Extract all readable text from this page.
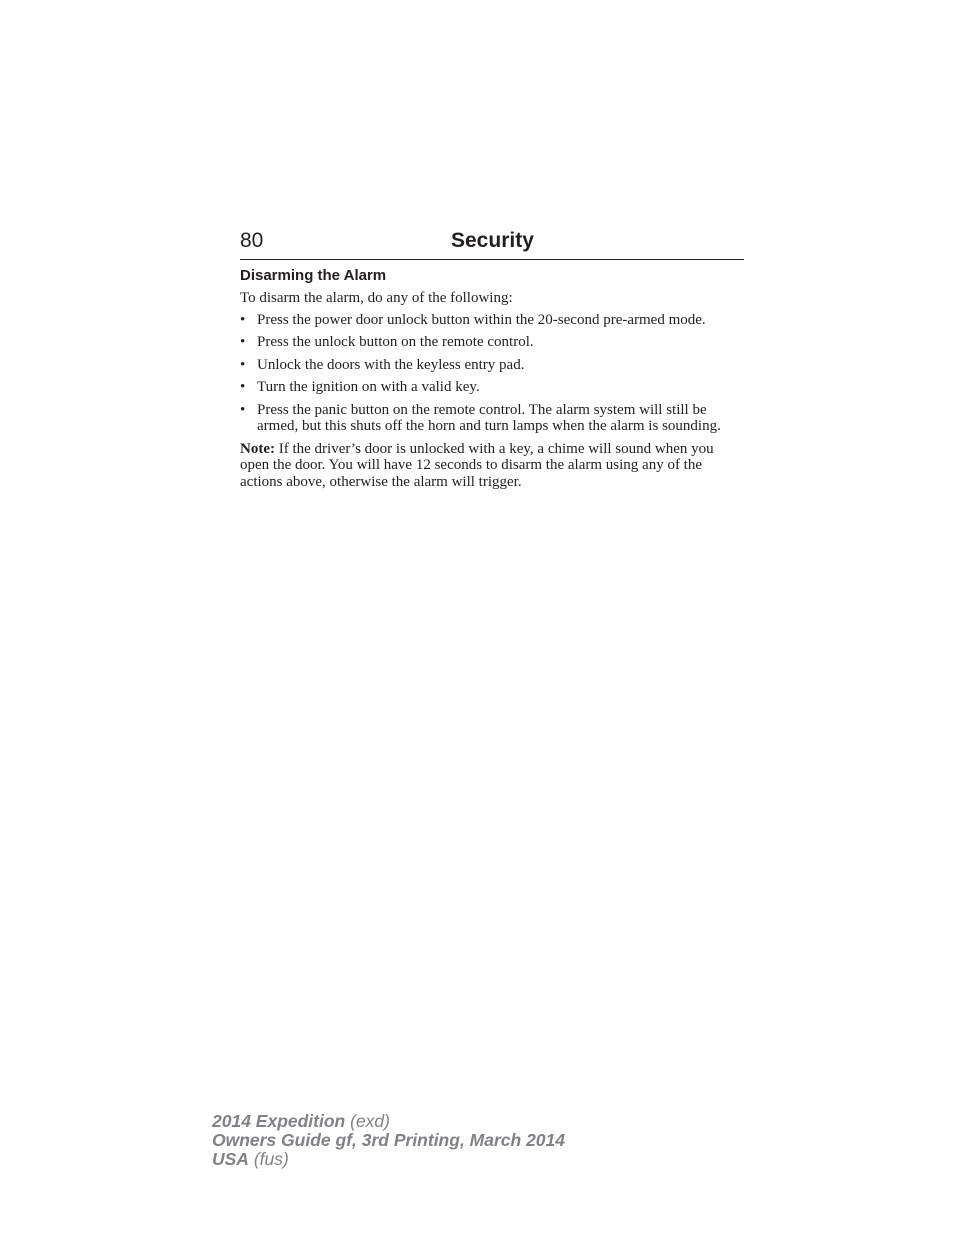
80	Security
Disarming the Alarm

To disarm the alarm, do any of the following:

• Press the power door unlock button within the 20-second pre-armed mode.
• Press the unlock button on the remote control.
• Unlock the doors with the keyless entry pad.
• Turn the ignition on with a valid key.
• Press the panic button on the remote control. The alarm system will still be armed, but this shuts off the horn and turn lamps when the alarm is sounding.

Note: If the driver’s door is unlocked with a key, a chime will sound when you open the door. You will have 12 seconds to disarm the alarm using any of the actions above, otherwise the alarm will trigger.

2014 Expedition (exd)
Owners Guide gf, 3rd Printing, March 2014
USA (fus)
